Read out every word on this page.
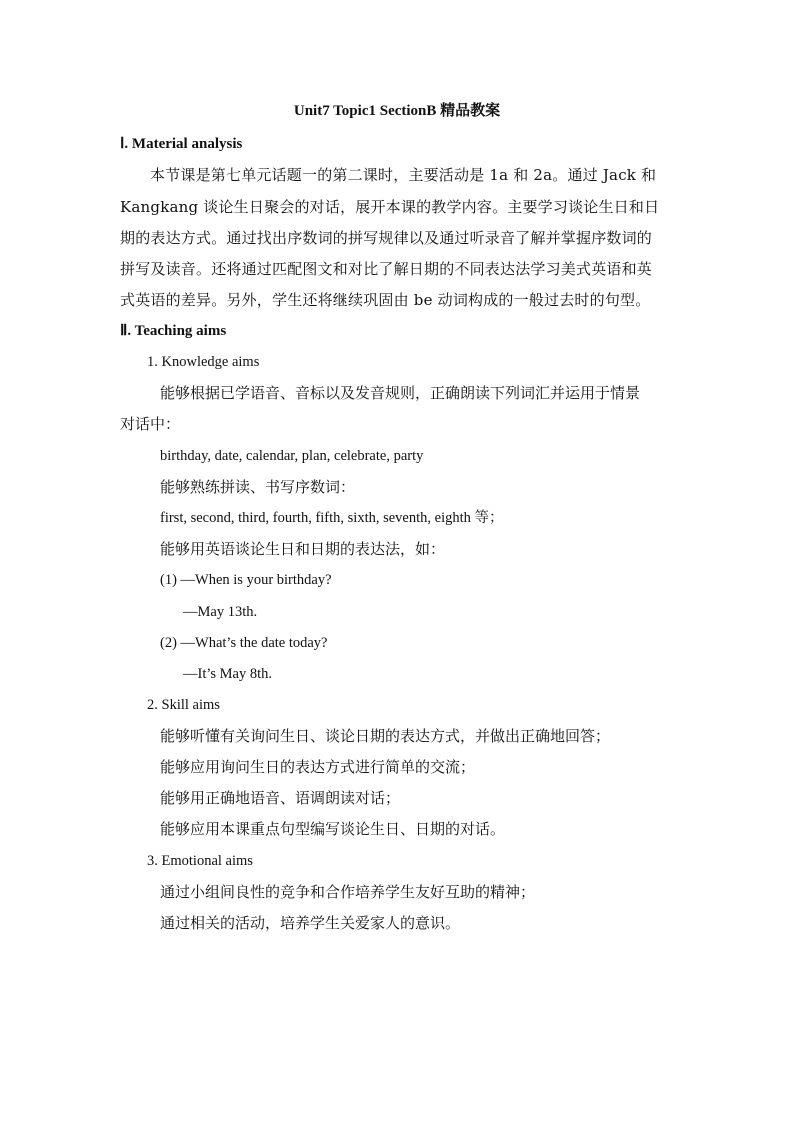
Unit7 Topic1 SectionB 精品教案
Ⅰ. Material analysis
本节课是第七单元话题一的第二课时，主要活动是 1a 和 2a。通过 Jack 和
Kangkang 谈论生日聚会的对话，展开本课的教学内容。主要学习谈论生日和日
期的表达方式。通过找出序数词的拼写规律以及通过听录音了解并掌握序数词的
拼写及读音。还将通过匹配图文和对比了解日期的不同表达法学习美式英语和英
式英语的差异。另外，学生还将继续巩固由 be 动词构成的一般过去时的句型。
Ⅱ. Teaching aims
1. Knowledge aims
能够根据已学语音、音标以及发音规则，正确朗读下列词汇并运用于情景
对话中：
birthday, date, calendar, plan, celebrate, party
能够熟练拼读、书写序数词：
first, second, third, fourth, fifth, sixth, seventh, eighth 等；
能够用英语谈论生日和日期的表达法，如：
(1) —When is your birthday?
—May 13th.
(2) —What’s the date today?
—It’s May 8th.
2. Skill aims
能够听懂有关询问生日、谈论日期的表达方式，并做出正确地回答；
能够应用询问生日的表达方式进行简单的交流；
能够用正确地语音、语调朗读对话；
能够应用本课重点句型编写谈论生日、日期的对话。
3. Emotional aims
通过小组间良性的竞争和合作培养学生友好互助的精神；
通过相关的活动，培养学生关爱家人的意识。
